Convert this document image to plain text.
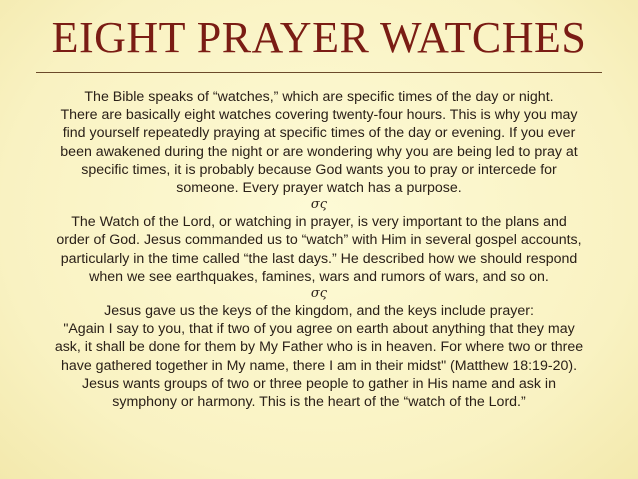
EIGHT PRAYER WATCHES
The Bible speaks of “watches,” which are specific times of the day or night.
There are basically eight watches covering twenty-four hours. This is why you may
find yourself repeatedly praying at specific times of the day or evening. If you ever
been awakened during the night or are wondering why you are being led to pray at
specific times, it is probably because God wants you to pray or intercede for
someone. Every prayer watch has a purpose.
σς
The Watch of the Lord, or watching in prayer, is very important to the plans and
order of God. Jesus commanded us to “watch” with Him in several gospel accounts,
particularly in the time called “the last days.” He described how we should respond
when we see earthquakes, famines, wars and rumors of wars, and so on.
σς
Jesus gave us the keys of the kingdom, and the keys include prayer:
"Again I say to you, that if two of you agree on earth about anything that they may
ask, it shall be done for them by My Father who is in heaven. For where two or three
have gathered together in My name, there I am in their midst" (Matthew 18:19-20).
Jesus wants groups of two or three people to gather in His name and ask in
symphony or harmony. This is the heart of the “watch of the Lord.”
